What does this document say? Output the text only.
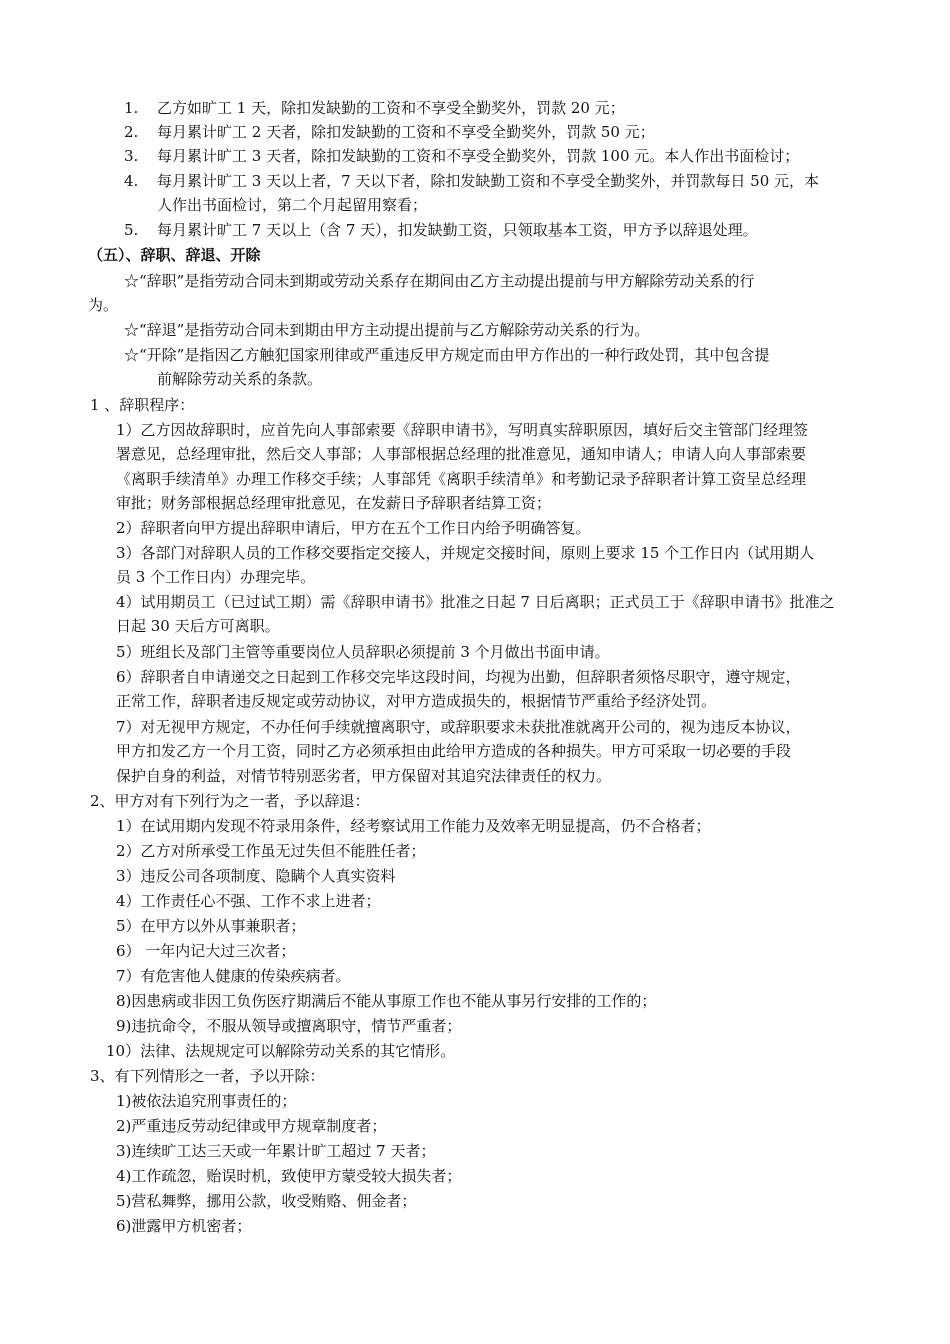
1. 乙方如旷工 1 天，除扣发缺勤的工资和不享受全勤奖外，罚款 20 元；
2. 每月累计旷工 2 天者，除扣发缺勤的工资和不享受全勤奖外，罚款 50 元；
3. 每月累计旷工 3 天者，除扣发缺勤的工资和不享受全勤奖外，罚款 100 元。本人作出书面检讨；
4. 每月累计旷工 3 天以上者，7 天以下者，除扣发缺勤工资和不享受全勤奖外，并罚款每日 50 元，本
人作出书面检讨，第二个月起留用察看；
5. 每月累计旷工 7 天以上（含 7 天），扣发缺勤工资，只领取基本工资，甲方予以辞退处理。
（五）、辞职、辞退、开除
☆“辞职”是指劳动合同未到期或劳动关系存在期间由乙方主动提出提前与甲方解除劳动关系的行
为。
☆“辞退”是指劳动合同未到期由甲方主动提出提前与乙方解除劳动关系的行为。
☆“开除”是指因乙方触犯国家刑律或严重违反甲方规定而由甲方作出的一种行政处罚，其中包含提
前解除劳动关系的条款。
1 、辞职程序：
1）乙方因故辞职时，应首先向人事部索要《辞职申请书》，写明真实辞职原因，填好后交主管部门经理签
署意见，总经理审批，然后交人事部；人事部根据总经理的批准意见，通知申请人；申请人向人事部索要
《离职手续清单》办理工作移交手续；人事部凭《离职手续清单》和考勤记录予辞职者计算工资呈总经理
审批；财务部根据总经理审批意见，在发薪日予辞职者结算工资；
2）辞职者向甲方提出辞职申请后，甲方在五个工作日内给予明确答复。
3）各部门对辞职人员的工作移交要指定交接人，并规定交接时间，原则上要求 15 个工作日内（试用期人
员 3 个工作日内）办理完毕。
4）试用期员工（已过试工期）需《辞职申请书》批准之日起 7 日后离职；正式员工于《辞职申请书》批准之
日起 30 天后方可离职。
5）班组长及部门主管等重要岗位人员辞职必须提前 3 个月做出书面申请。
6）辞职者自申请递交之日起到工作移交完毕这段时间，均视为出勤，但辞职者须恪尽职守，遵守规定，
正常工作，辞职者违反规定或劳动协议，对甲方造成损失的，根据情节严重给予经济处罚。
7）对无视甲方规定，不办任何手续就擅离职守，或辞职要求未获批准就离开公司的，视为违反本协议，
甲方扣发乙方一个月工资，同时乙方必须承担由此给甲方造成的各种损失。甲方可采取一切必要的手段
保护自身的利益，对情节特别恶劣者，甲方保留对其追究法律责任的权力。
2、甲方对有下列行为之一者，予以辞退：
1）在试用期内发现不符录用条件，经考察试用工作能力及效率无明显提高，仍不合格者；
2）乙方对所承受工作虽无过失但不能胜任者；
3）违反公司各项制度、隐瞒个人真实资料
4）工作责任心不强、工作不求上进者；
5）在甲方以外从事兼职者；
6） 一年内记大过三次者；
7）有危害他人健康的传染疾病者。
8)因患病或非因工负伤医疗期满后不能从事原工作也不能从事另行安排的工作的；
9)违抗命令，不服从领导或擅离职守，情节严重者；
10）法律、法规规定可以解除劳动关系的其它情形。
3、有下列情形之一者，予以开除：
1)被依法追究刑事责任的；
2)严重违反劳动纪律或甲方规章制度者；
3)连续旷工达三天或一年累计旷工超过 7 天者；
4)工作疏忽，贻误时机，致使甲方蒙受较大损失者；
5)营私舞弊，挪用公款，收受贿赂、佣金者；
6)泄露甲方机密者；
